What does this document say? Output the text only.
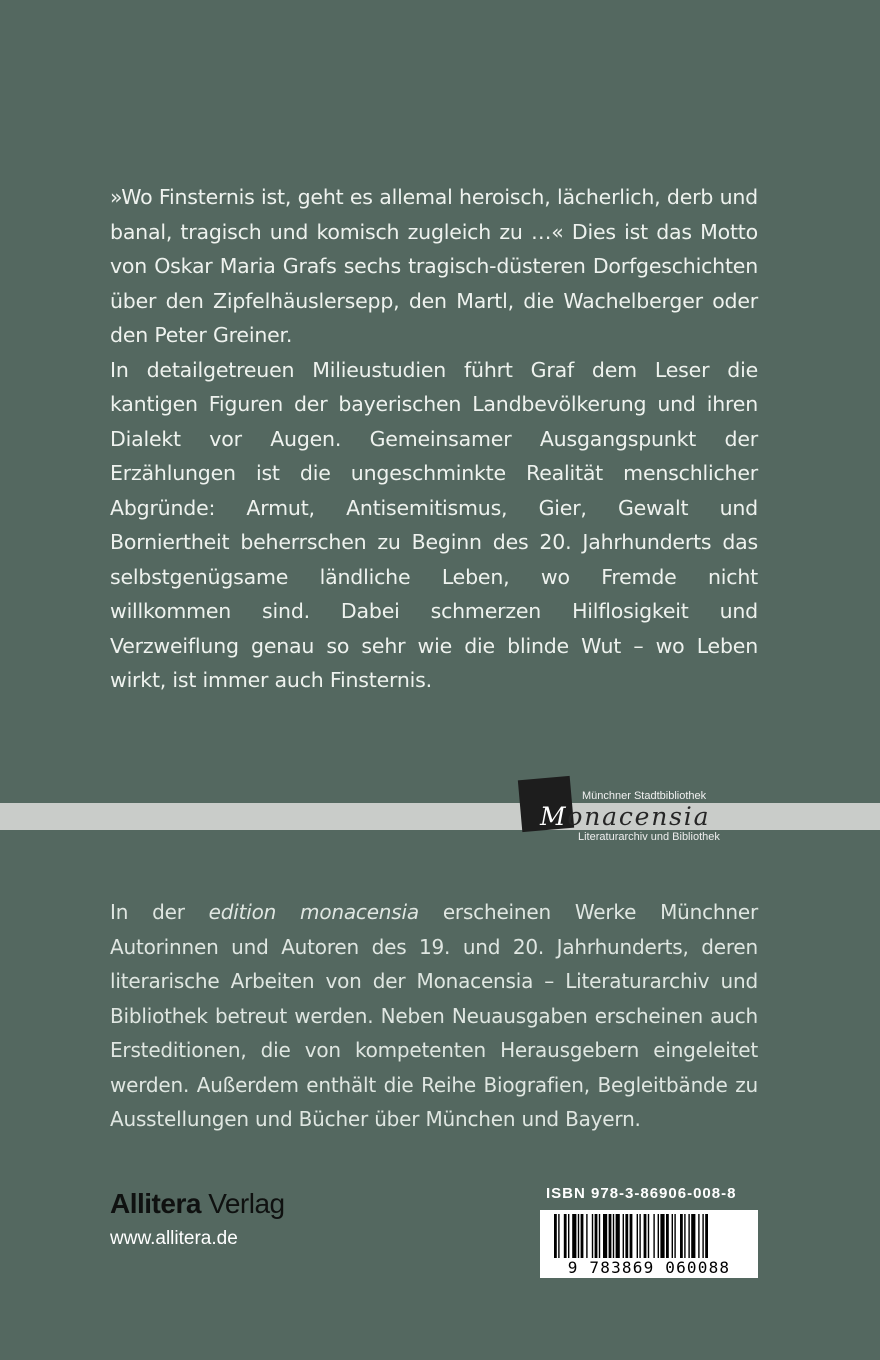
»Wo Finsternis ist, geht es allemal heroisch, lächerlich, derb und banal, tragisch und komisch zugleich zu …« Dies ist das Motto von Oskar Maria Grafs sechs tragisch-düsteren Dorfgeschichten über den Zipfelhäuslersepp, den Martl, die Wachelberger oder den Peter Greiner.

In detailgetreuen Milieustudien führt Graf dem Leser die kantigen Figuren der bayerischen Landbevölkerung und ihren Dialekt vor Augen. Gemeinsamer Ausgangspunkt der Erzählungen ist die ungeschminkte Realität menschlicher Abgründe: Armut, Antisemitismus, Gier, Gewalt und Borniertheit beherrschen zu Beginn des 20. Jahrhunderts das selbstgenügsame ländliche Leben, wo Fremde nicht willkommen sind. Dabei schmerzen Hilflosigkeit und Verzweiflung genau so sehr wie die blinde Wut – wo Leben wirkt, ist immer auch Finsternis.

Münchner Stadtbibliothek
Monacensia
Literaturarchiv und Bibliothek

In der edition monacensia erscheinen Werke Münchner Autorinnen und Autoren des 19. und 20. Jahrhunderts, deren literarische Arbeiten von der Monacensia – Literaturarchiv und Bibliothek betreut werden. Neben Neuausgaben erscheinen auch Ersteditionen, die von kompetenten Herausgebern eingeleitet werden. Außerdem enthält die Reihe Biografien, Begleitbände zu Ausstellungen und Bücher über München und Bayern.

Allitera Verlag
www.allitera.de
ISBN 978-3-86906-008-8
9 783869 060088
